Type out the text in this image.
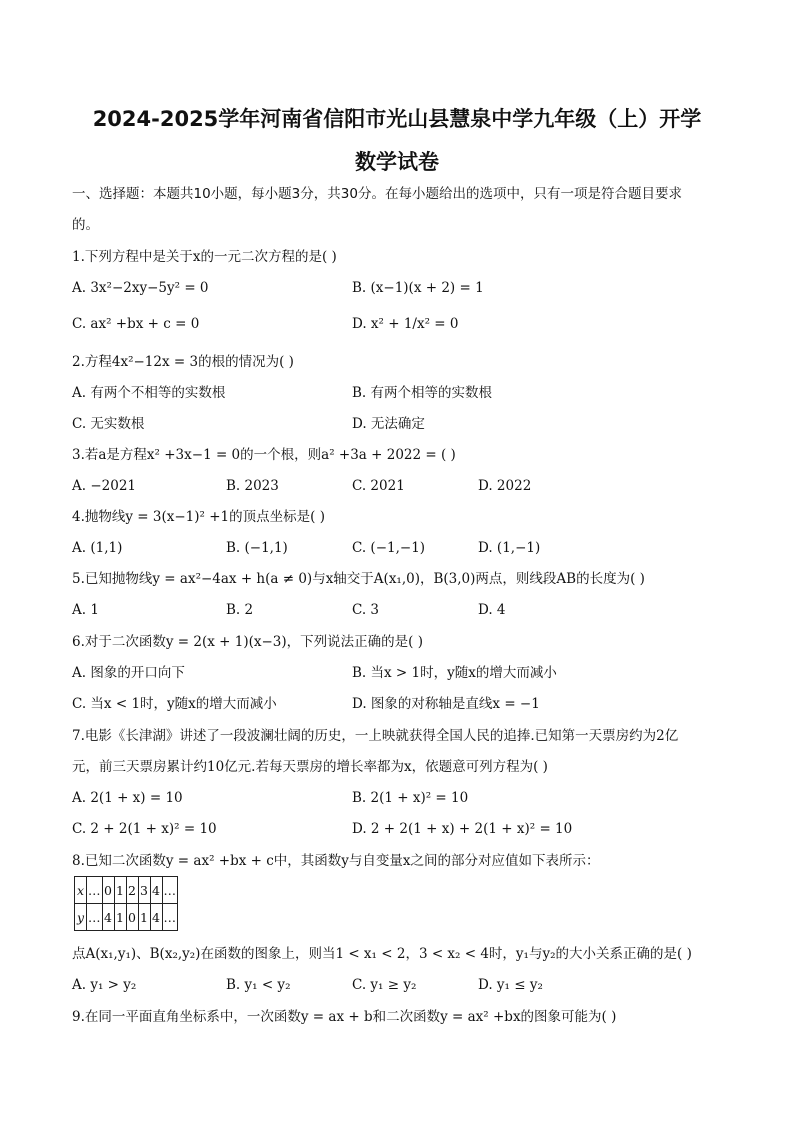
2024-2025学年河南省信阳市光山县慧泉中学九年级（上）开学
数学试卷
一、选择题：本题共10小题，每小题3分，共30分。在每小题给出的选项中，只有一项是符合题目要求
的。
1.下列方程中是关于x的一元二次方程的是( )
A. 3x²−2xy−5y² = 0	B. (x−1)(x + 2) = 1
C. ax² +bx + c = 0	D. x² + 1/x² = 0
2.方程4x²−12x = 3的根的情况为( )
A. 有两个不相等的实数根	B. 有两个相等的实数根
C. 无实数根	D. 无法确定
3.若a是方程x² +3x−1 = 0的一个根，则a² +3a + 2022 = ( )
A. −2021	B. 2023	C. 2021	D. 2022
4.抛物线y = 3(x−1)² +1的顶点坐标是( )
A. (1,1)	B. (−1,1)	C. (−1,−1)	D. (1,−1)
5.已知抛物线y = ax²−4ax + h(a ≠ 0)与x轴交于A(x₁,0)，B(3,0)两点，则线段AB的长度为( )
A. 1	B. 2	C. 3	D. 4
6.对于二次函数y = 2(x + 1)(x−3)，下列说法正确的是( )
A. 图象的开口向下	B. 当x > 1时，y随x的增大而减小
C. 当x < 1时，y随x的增大而减小	D. 图象的对称轴是直线x = −1
7.电影《长津湖》讲述了一段波澜壮阔的历史，一上映就获得全国人民的追捧.已知第一天票房约为2亿
元，前三天票房累计约10亿元.若每天票房的增长率都为x，依题意可列方程为( )
A. 2(1 + x) = 10	B. 2(1 + x)² = 10
C. 2 + 2(1 + x)² = 10	D. 2 + 2(1 + x) + 2(1 + x)² = 10
8.已知二次函数y = ax² +bx + c中，其函数y与自变量x之间的部分对应值如下表所示：
x	…	0	1	2	3	4	…
y	…	4	1	0	1	4	…
点A(x₁,y₁)、B(x₂,y₂)在函数的图象上，则当1 < x₁ < 2，3 < x₂ < 4时，y₁与y₂的大小关系正确的是( )
A. y₁ > y₂	B. y₁ < y₂	C. y₁ ≥ y₂	D. y₁ ≤ y₂
9.在同一平面直角坐标系中，一次函数y = ax + b和二次函数y = ax² +bx的图象可能为( )
